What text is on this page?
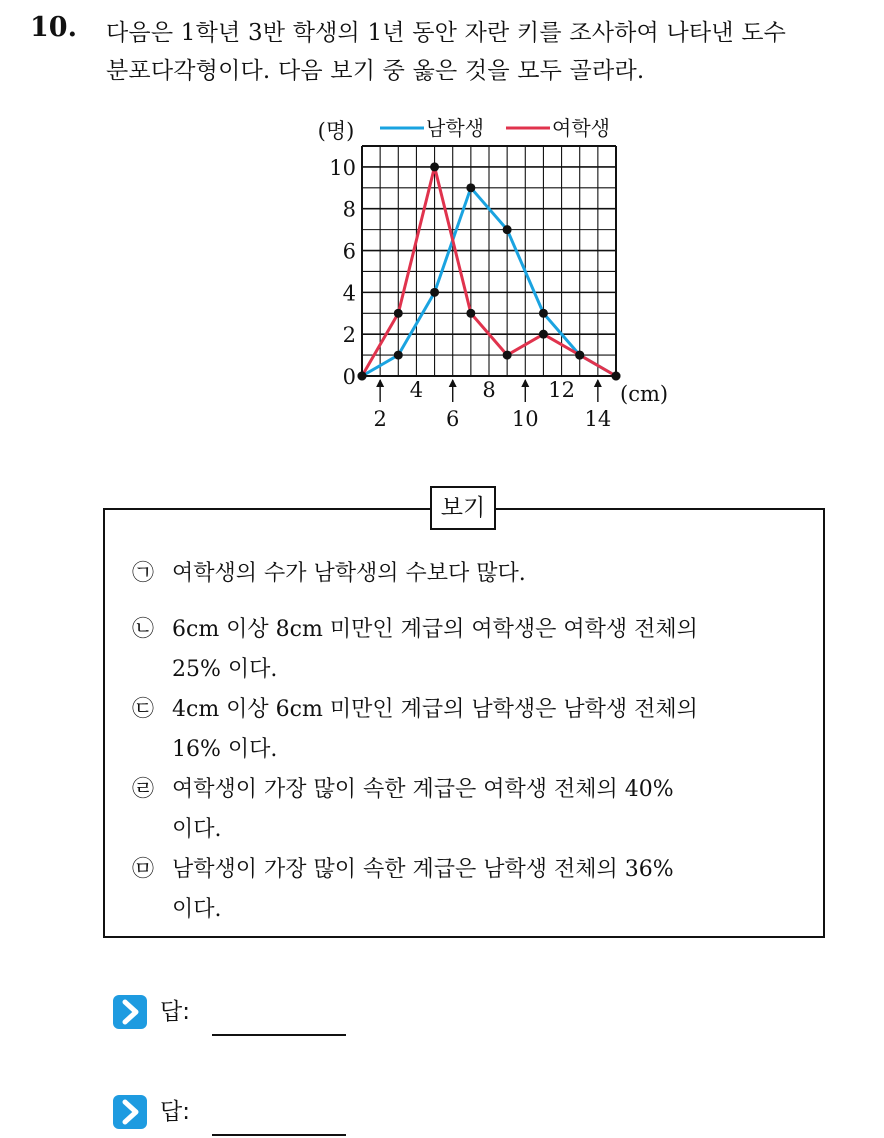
10. 다음은 1학년 3반 학생의 1년 동안 자란 키를 조사하여 나타낸 도수
분포다각형이다. 다음 보기 중 옳은 것을 모두 골라라.
0
2
4
6
8
10
(명)
4	8	12
2	6	10 14
(cm)
남학생	여학생
보기
㉠ 여학생의 수가 남학생의 수보다 많다.
㉡ 6cm 이상 8cm 미만인 계급의 여학생은 여학생 전체의
25% 이다.
㉢ 4cm 이상 6cm 미만인 계급의 남학생은 남학생 전체의
16% 이다.
㉣ 여학생이 가장 많이 속한 계급은 여학생 전체의 40%
이다.
㉤ 남학생이 가장 많이 속한 계급은 남학생 전체의 36%
이다.
답:
답:
